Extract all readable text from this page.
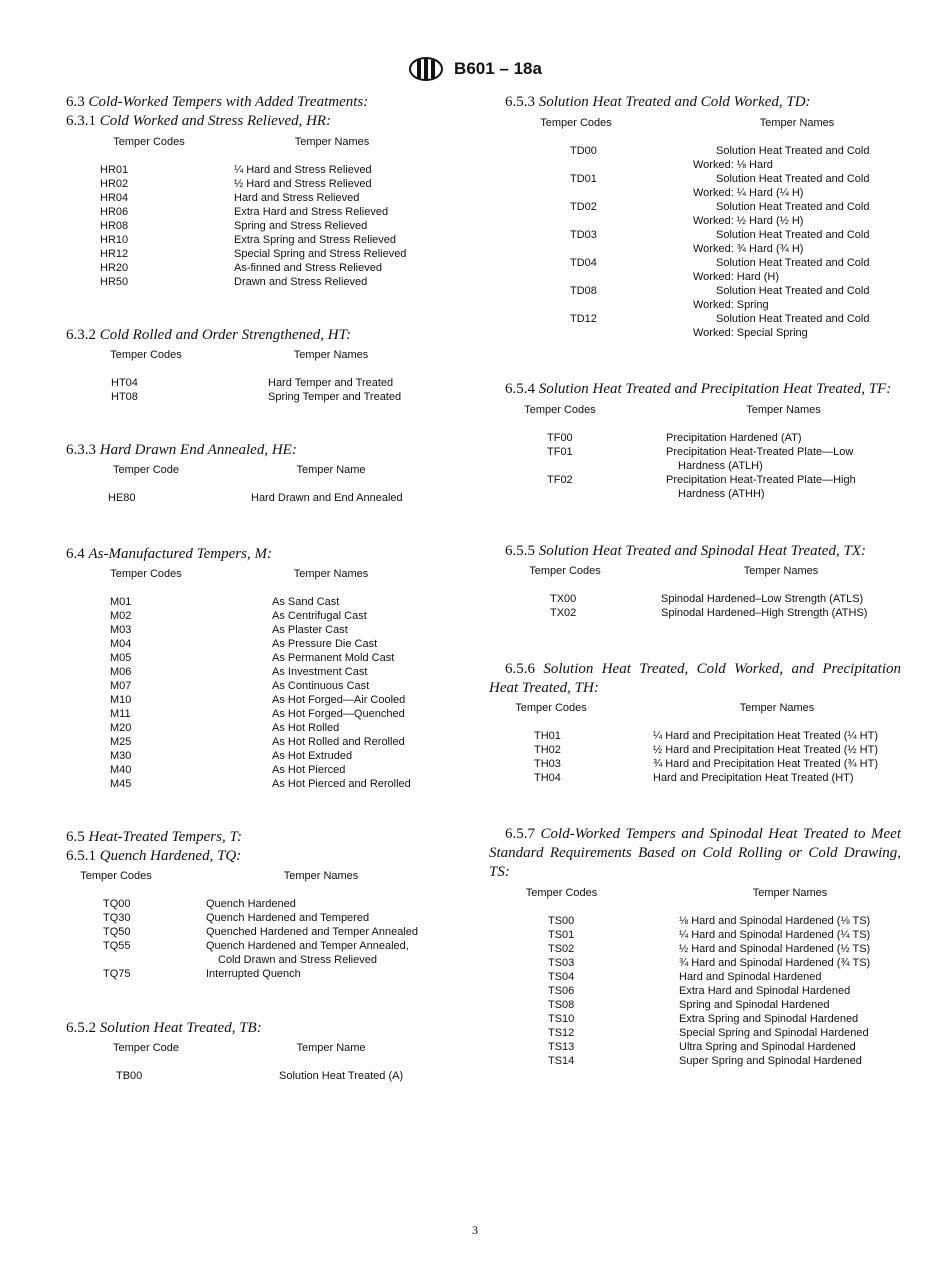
B601 – 18a
6.3 Cold-Worked Tempers with Added Treatments:
6.3.1 Cold Worked and Stress Relieved, HR:
Temper Codes	Temper Names

HR01	¼ Hard and Stress Relieved

HR02	½ Hard and Stress Relieved

HR04	Hard and Stress Relieved

HR06	Extra Hard and Stress Relieved

HR08	Spring and Stress Relieved

HR10	Extra Spring and Stress Relieved

HR12	Special Spring and Stress Relieved

HR20	As-finned and Stress Relieved

HR50	Drawn and Stress Relieved
6.3.2 Cold Rolled and Order Strengthened, HT:
Temper Codes	Temper Names

HT04	Hard Temper and Treated

HT08	Spring Temper and Treated
6.3.3 Hard Drawn End Annealed, HE:
Temper Code	Temper Name

HE80	Hard Drawn and End Annealed
6.4 As-Manufactured Tempers, M:
Temper Codes	Temper Names

M01	As Sand Cast

M02	As Centrifugal Cast

M03	As Plaster Cast

M04	As Pressure Die Cast

M05	As Permanent Mold Cast

M06	As Investment Cast

M07	As Continuous Cast

M10	As Hot Forged—Air Cooled

M11	As Hot Forged—Quenched

M20	As Hot Rolled

M25	As Hot Rolled and Rerolled

M30	As Hot Extruded

M40	As Hot Pierced

M45	As Hot Pierced and Rerolled
6.5 Heat-Treated Tempers, T:
6.5.1 Quench Hardened, TQ:
Temper Codes	Temper Names

TQ00	Quench Hardened

TQ30	Quench Hardened and Tempered

TQ50	Quenched Hardened and Temper Annealed

TQ55	Quench Hardened and Temper Annealed,
Cold Drawn and Stress Relieved

TQ75	Interrupted Quench
6.5.2 Solution Heat Treated, TB:
Temper Code	Temper Name

TB00	Solution Heat Treated (A)
6.5.3 Solution Heat Treated and Cold Worked, TD:
Temper Codes	Temper Names

TD00	Solution Heat Treated and Cold
Worked: ⅛ Hard

TD01	Solution Heat Treated and Cold
Worked: ¼ Hard (¼ H)

TD02	Solution Heat Treated and Cold
Worked: ½ Hard (½ H)

TD03	Solution Heat Treated and Cold
Worked: ¾ Hard (¾ H)

TD04	Solution Heat Treated and Cold
Worked: Hard (H)

TD08	Solution Heat Treated and Cold
Worked: Spring

TD12	Solution Heat Treated and Cold
Worked: Special Spring
6.5.4 Solution Heat Treated and Precipitation Heat Treated, TF:
Temper Codes	Temper Names

TF00	Precipitation Hardened (AT)

TF01	Precipitation Heat-Treated Plate—Low
Hardness (ATLH)

TF02	Precipitation Heat-Treated Plate—High
Hardness (ATHH)
6.5.5 Solution Heat Treated and Spinodal Heat Treated, TX:
Temper Codes	Temper Names

TX00	Spinodal Hardened–Low Strength (ATLS)

TX02	Spinodal Hardened–High Strength (ATHS)
6.5.6 Solution Heat Treated, Cold Worked, and Precipitation Heat Treated, TH:
Temper Codes	Temper Names

TH01	¼ Hard and Precipitation Heat Treated (¼ HT)

TH02	½ Hard and Precipitation Heat Treated (½ HT)

TH03	¾ Hard and Precipitation Heat Treated (¾ HT)

TH04	Hard and Precipitation Heat Treated (HT)
6.5.7 Cold-Worked Tempers and Spinodal Heat Treated to Meet Standard Requirements Based on Cold Rolling or Cold Drawing, TS:
Temper Codes	Temper Names

TS00	⅛ Hard and Spinodal Hardened (⅛ TS)

TS01	¼ Hard and Spinodal Hardened (¼ TS)

TS02	½ Hard and Spinodal Hardened (½ TS)

TS03	¾ Hard and Spinodal Hardened (¾ TS)

TS04	Hard and Spinodal Hardened

TS06	Extra Hard and Spinodal Hardened

TS08	Spring and Spinodal Hardened

TS10	Extra Spring and Spinodal Hardened

TS12	Special Spring and Spinodal Hardened

TS13	Ultra Spring and Spinodal Hardened

TS14	Super Spring and Spinodal Hardened
3
